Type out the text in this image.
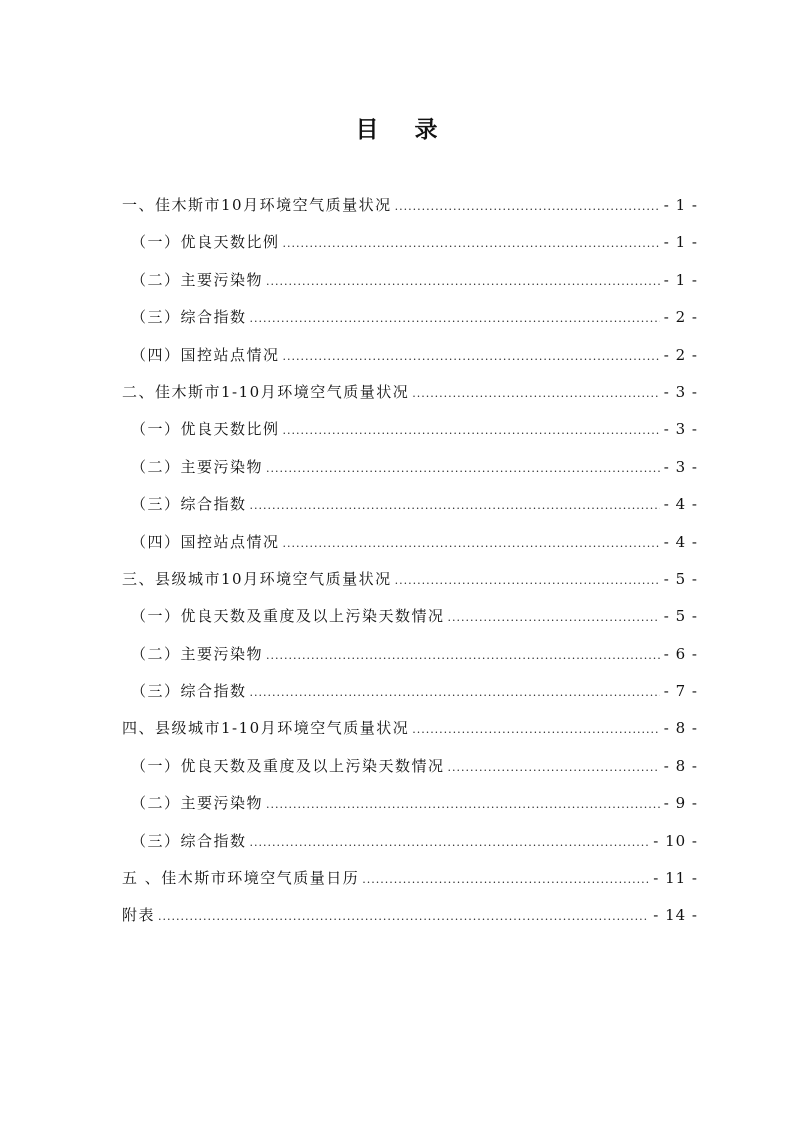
目 录
一、佳木斯市10月环境空气质量状况 .....	- 1 -
（一）优良天数比例 .....	- 1 -
（二）主要污染物 .....	- 1 -
（三）综合指数 .....	- 2 -
（四）国控站点情况 .....	- 2 -
二、佳木斯市1-10月环境空气质量状况 .....	- 3 -
（一）优良天数比例 .....	- 3 -
（二）主要污染物 .....	- 3 -
（三）综合指数 .....	- 4 -
（四）国控站点情况 .....	- 4 -
三、县级城市10月环境空气质量状况 .....	- 5 -
（一）优良天数及重度及以上污染天数情况 .....	- 5 -
（二）主要污染物 .....	- 6 -
（三）综合指数 .....	- 7 -
四、县级城市1-10月环境空气质量状况 .....	- 8 -
（一）优良天数及重度及以上污染天数情况 .....	- 8 -
（二）主要污染物 .....	- 9 -
（三）综合指数 .....	- 10 -
五 、佳木斯市环境空气质量日历 .....	- 11 -
附表 .....	- 14 -
